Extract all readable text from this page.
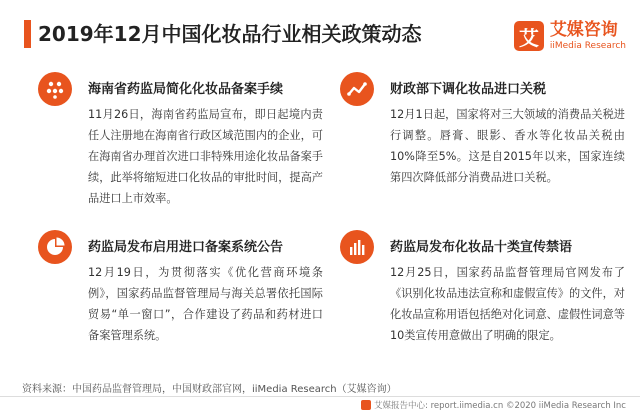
2019年12月中国化妆品行业相关政策动态	艾 艾媒咨询
iiMedia Research
海南省药监局简化化妆品备案手续
11月26日，海南省药监局宣布，即日起境内责任人注册地在海南省行政区域范围内的企业，可在海南省办理首次进口非特殊用途化妆品备案手续，此举将缩短进口化妆品的审批时间，提高产品进口上市效率。
财政部下调化妆品进口关税
12月1日起，国家将对三大领域的消费品关税进行调整。唇膏、眼影、香水等化妆品关税由10%降至5%。这是自2015年以来，国家连续第四次降低部分消费品进口关税。
药监局发布启用进口备案系统公告
12月19日，为贯彻落实《优化营商环境条例》，国家药品监督管理局与海关总署依托国际贸易“单一窗口”，合作建设了药品和药材进口备案管理系统。
药监局发布化妆品十类宣传禁语
12月25日，国家药品监督管理局官网发布了《识别化妆品违法宣称和虚假宣传》的文件，对化妆品宣称用语包括绝对化词意、虚假性词意等10类宣传用意做出了明确的限定。
资料来源：中国药品监督管理局，中国财政部官网，iiMedia Research（艾媒咨询）
艾媒报告中心: report.iimedia.cn ©2020 iiMedia Research Inc
